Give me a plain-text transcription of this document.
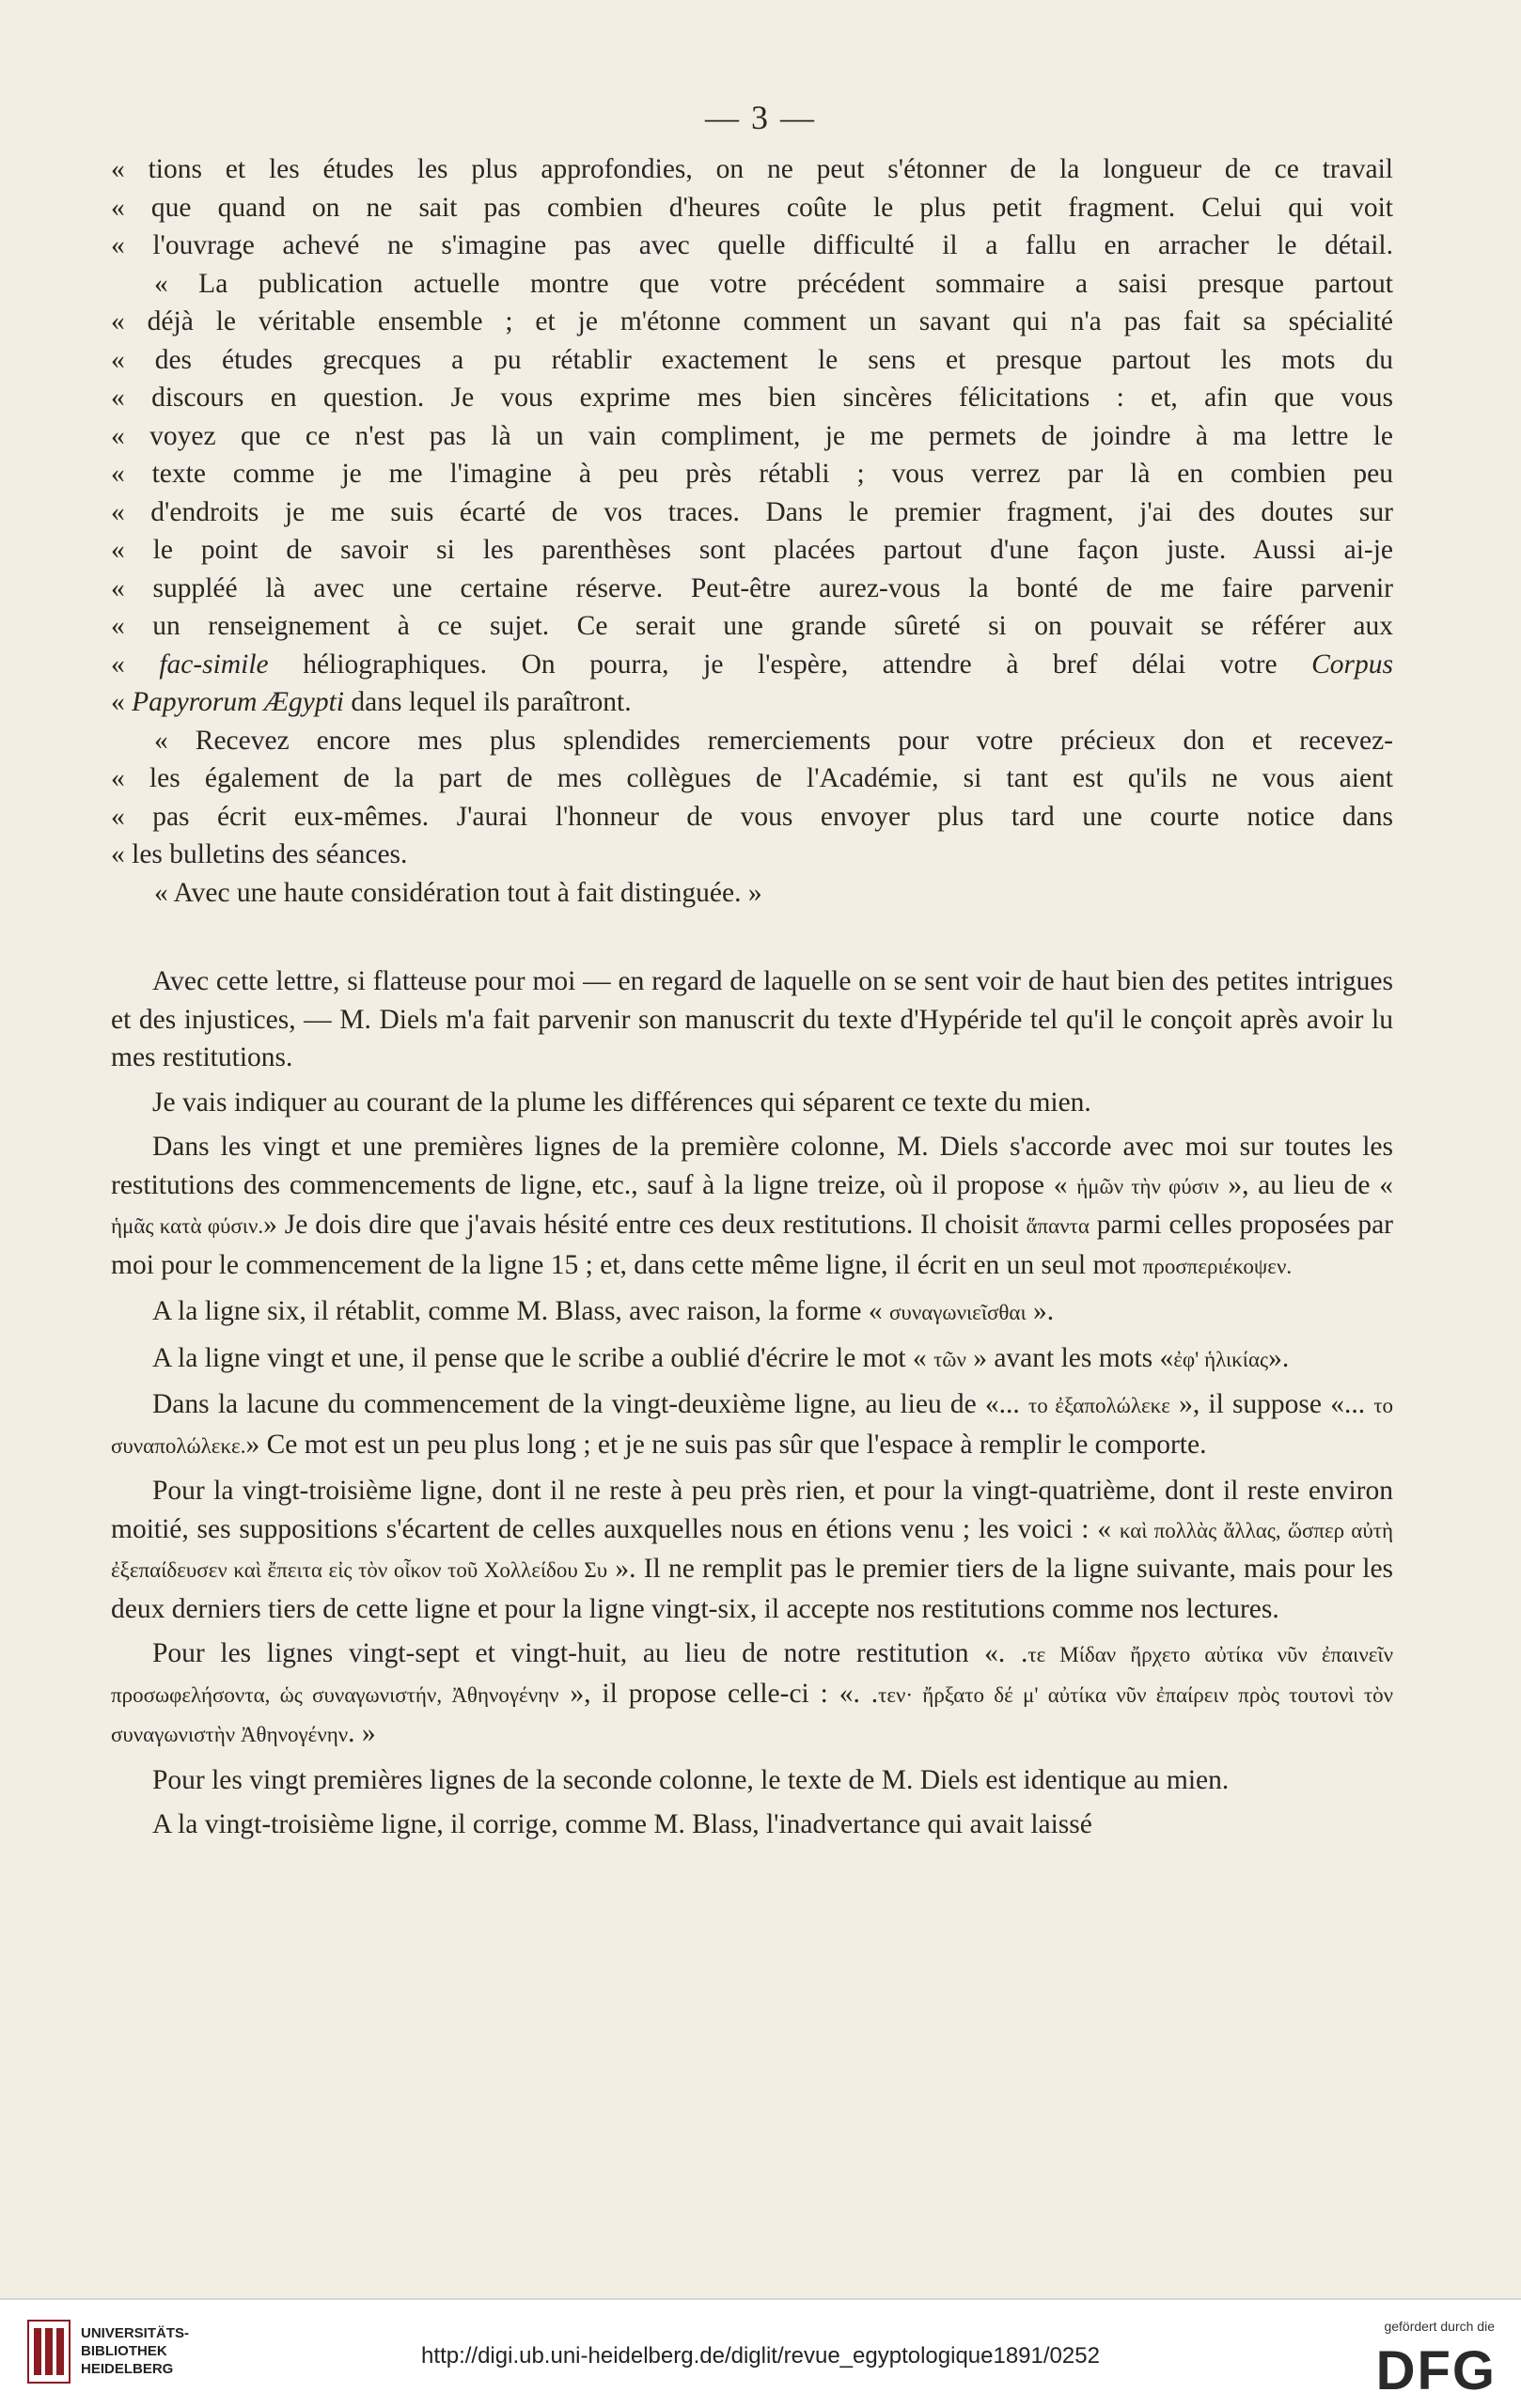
— 3 —
« tions et les études les plus approfondies, on ne peut s'étonner de la longueur de ce travail
« que quand on ne sait pas combien d'heures coûte le plus petit fragment. Celui qui voit
« l'ouvrage achevé ne s'imagine pas avec quelle difficulté il a fallu en arracher le détail.
« La publication actuelle montre que votre précédent sommaire a saisi presque partout
« déjà le véritable ensemble ; et je m'étonne comment un savant qui n'a pas fait sa spécialité
« des études grecques a pu rétablir exactement le sens et presque partout les mots du
« discours en question. Je vous exprime mes bien sincères félicitations : et, afin que vous
« voyez que ce n'est pas là un vain compliment, je me permets de joindre à ma lettre le
« texte comme je me l'imagine à peu près rétabli ; vous verrez par là en combien peu
« d'endroits je me suis écarté de vos traces. Dans le premier fragment, j'ai des doutes sur
« le point de savoir si les parenthèses sont placées partout d'une façon juste. Aussi ai-je
« suppléé là avec une certaine réserve. Peut-être aurez-vous la bonté de me faire parvenir
« un renseignement à ce sujet. Ce serait une grande sûreté si on pouvait se référer aux
« fac-simile héliographiques. On pourra, je l'espère, attendre à bref délai votre Corpus
« Papyrorum Ægypti dans lequel ils paraîtront.
« Recevez encore mes plus splendides remerciements pour votre précieux don et recevez-
« les également de la part de mes collègues de l'Académie, si tant est qu'ils ne vous aient
« pas écrit eux-mêmes. J'aurai l'honneur de vous envoyer plus tard une courte notice dans
« les bulletins des séances.
« Avec une haute considération tout à fait distinguée. »

Avec cette lettre, si flatteuse pour moi — en regard de laquelle on se sent voir de haut bien des petites intrigues et des injustices, — M. Diels m'a fait parvenir son manuscrit du texte d'Hypéride tel qu'il le conçoit après avoir lu mes restitutions.

Je vais indiquer au courant de la plume les différences qui séparent ce texte du mien.

Dans les vingt et une premières lignes de la première colonne, M. Diels s'accorde avec moi sur toutes les restitutions des commencements de ligne, etc., sauf à la ligne treize, où il propose « ἡμῶν τὴν φύσιν », au lieu de « ἡμᾶς κατὰ φύσιν.» Je dois dire que j'avais hésité entre ces deux restitutions. Il choisit ἅπαντα parmi celles proposées par moi pour le commencement de la ligne 15 ; et, dans cette même ligne, il écrit en un seul mot προσπεριέκοψεν.

A la ligne six, il rétablit, comme M. Blass, avec raison, la forme « συναγωνιεῖσθαι ».

A la ligne vingt et une, il pense que le scribe a oublié d'écrire le mot « τῶν » avant les mots «ἐφ' ἡλικίας».

Dans la lacune du commencement de la vingt-deuxième ligne, au lieu de «... το ἐξαπολώλεκε », il suppose «... το συναπολώλεκε.» Ce mot est un peu plus long ; et je ne suis pas sûr que l'espace à remplir le comporte.

Pour la vingt-troisième ligne, dont il ne reste à peu près rien, et pour la vingt-quatrième, dont il reste environ moitié, ses suppositions s'écartent de celles auxquelles nous en étions venu ; les voici : « καὶ πολλὰς ἄλλας, ὥσπερ αὐτὴ ἐξεπαίδευσεν καὶ ἔπειτα εἰς τὸν οἶκον τοῦ Χολλείδου Συ ». Il ne remplit pas le premier tiers de la ligne suivante, mais pour les deux derniers tiers de cette ligne et pour la ligne vingt-six, il accepte nos restitutions comme nos lectures.

Pour les lignes vingt-sept et vingt-huit, au lieu de notre restitution «. .τε Μίδαν ἤρχετο αὐτίκα νῦν ἐπαινεῖν προσωφελήσοντα, ὡς συναγωνιστήν, Ἀθηνογένην », il propose celle-ci : «. .τεν· ἤρξατο δέ μ' αὐτίκα νῦν ἐπαίρειν πρὸς τουτονὶ τὸν συναγωνιστὴν Ἀθηνογένην. »

Pour les vingt premières lignes de la seconde colonne, le texte de M. Diels est identique au mien.

A la vingt-troisième ligne, il corrige, comme M. Blass, l'inadvertance qui avait laissé

UNIVERSITÄTS-
BIBLIOTHEK
HEIDELBERG
http://digi.ub.uni-heidelberg.de/diglit/revue_egyptologique1891/0252
gefördert durch die
DFG
